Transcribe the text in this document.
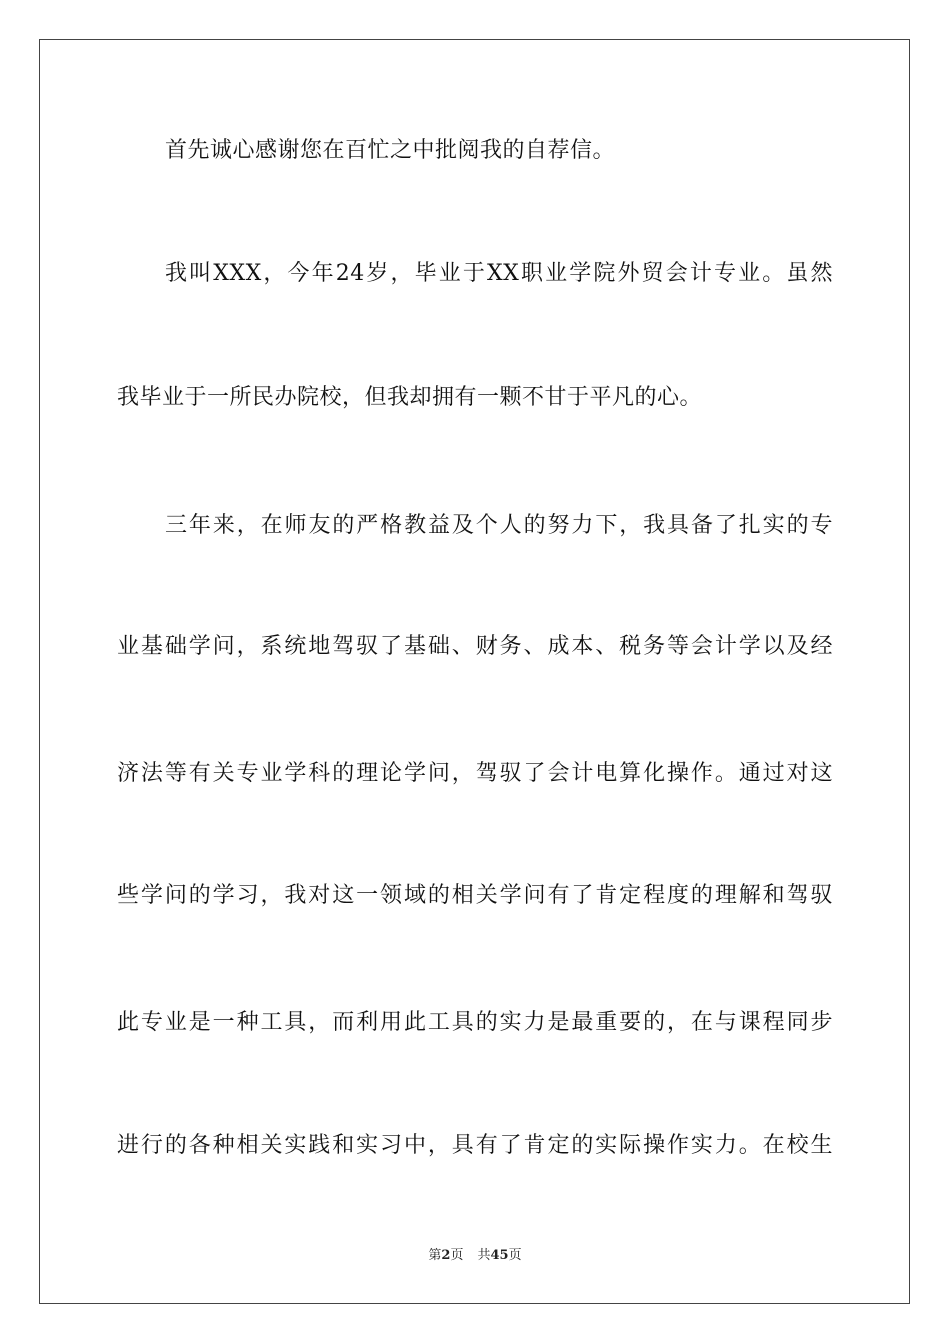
首先诚心感谢您在百忙之中批阅我的自荐信。
我叫XXX，今年24岁，毕业于XX职业学院外贸会计专业。虽然
我毕业于一所民办院校，但我却拥有一颗不甘于平凡的心。
三年来，在师友的严格教益及个人的努力下，我具备了扎实的专
业基础学问，系统地驾驭了基础、财务、成本、税务等会计学以及经
济法等有关专业学科的理论学问，驾驭了会计电算化操作。通过对这
些学问的学习，我对这一领域的相关学问有了肯定程度的理解和驾驭
此专业是一种工具，而利用此工具的实力是最重要的，在与课程同步
进行的各种相关实践和实习中，具有了肯定的实际操作实力。在校生
第2页 共45页
